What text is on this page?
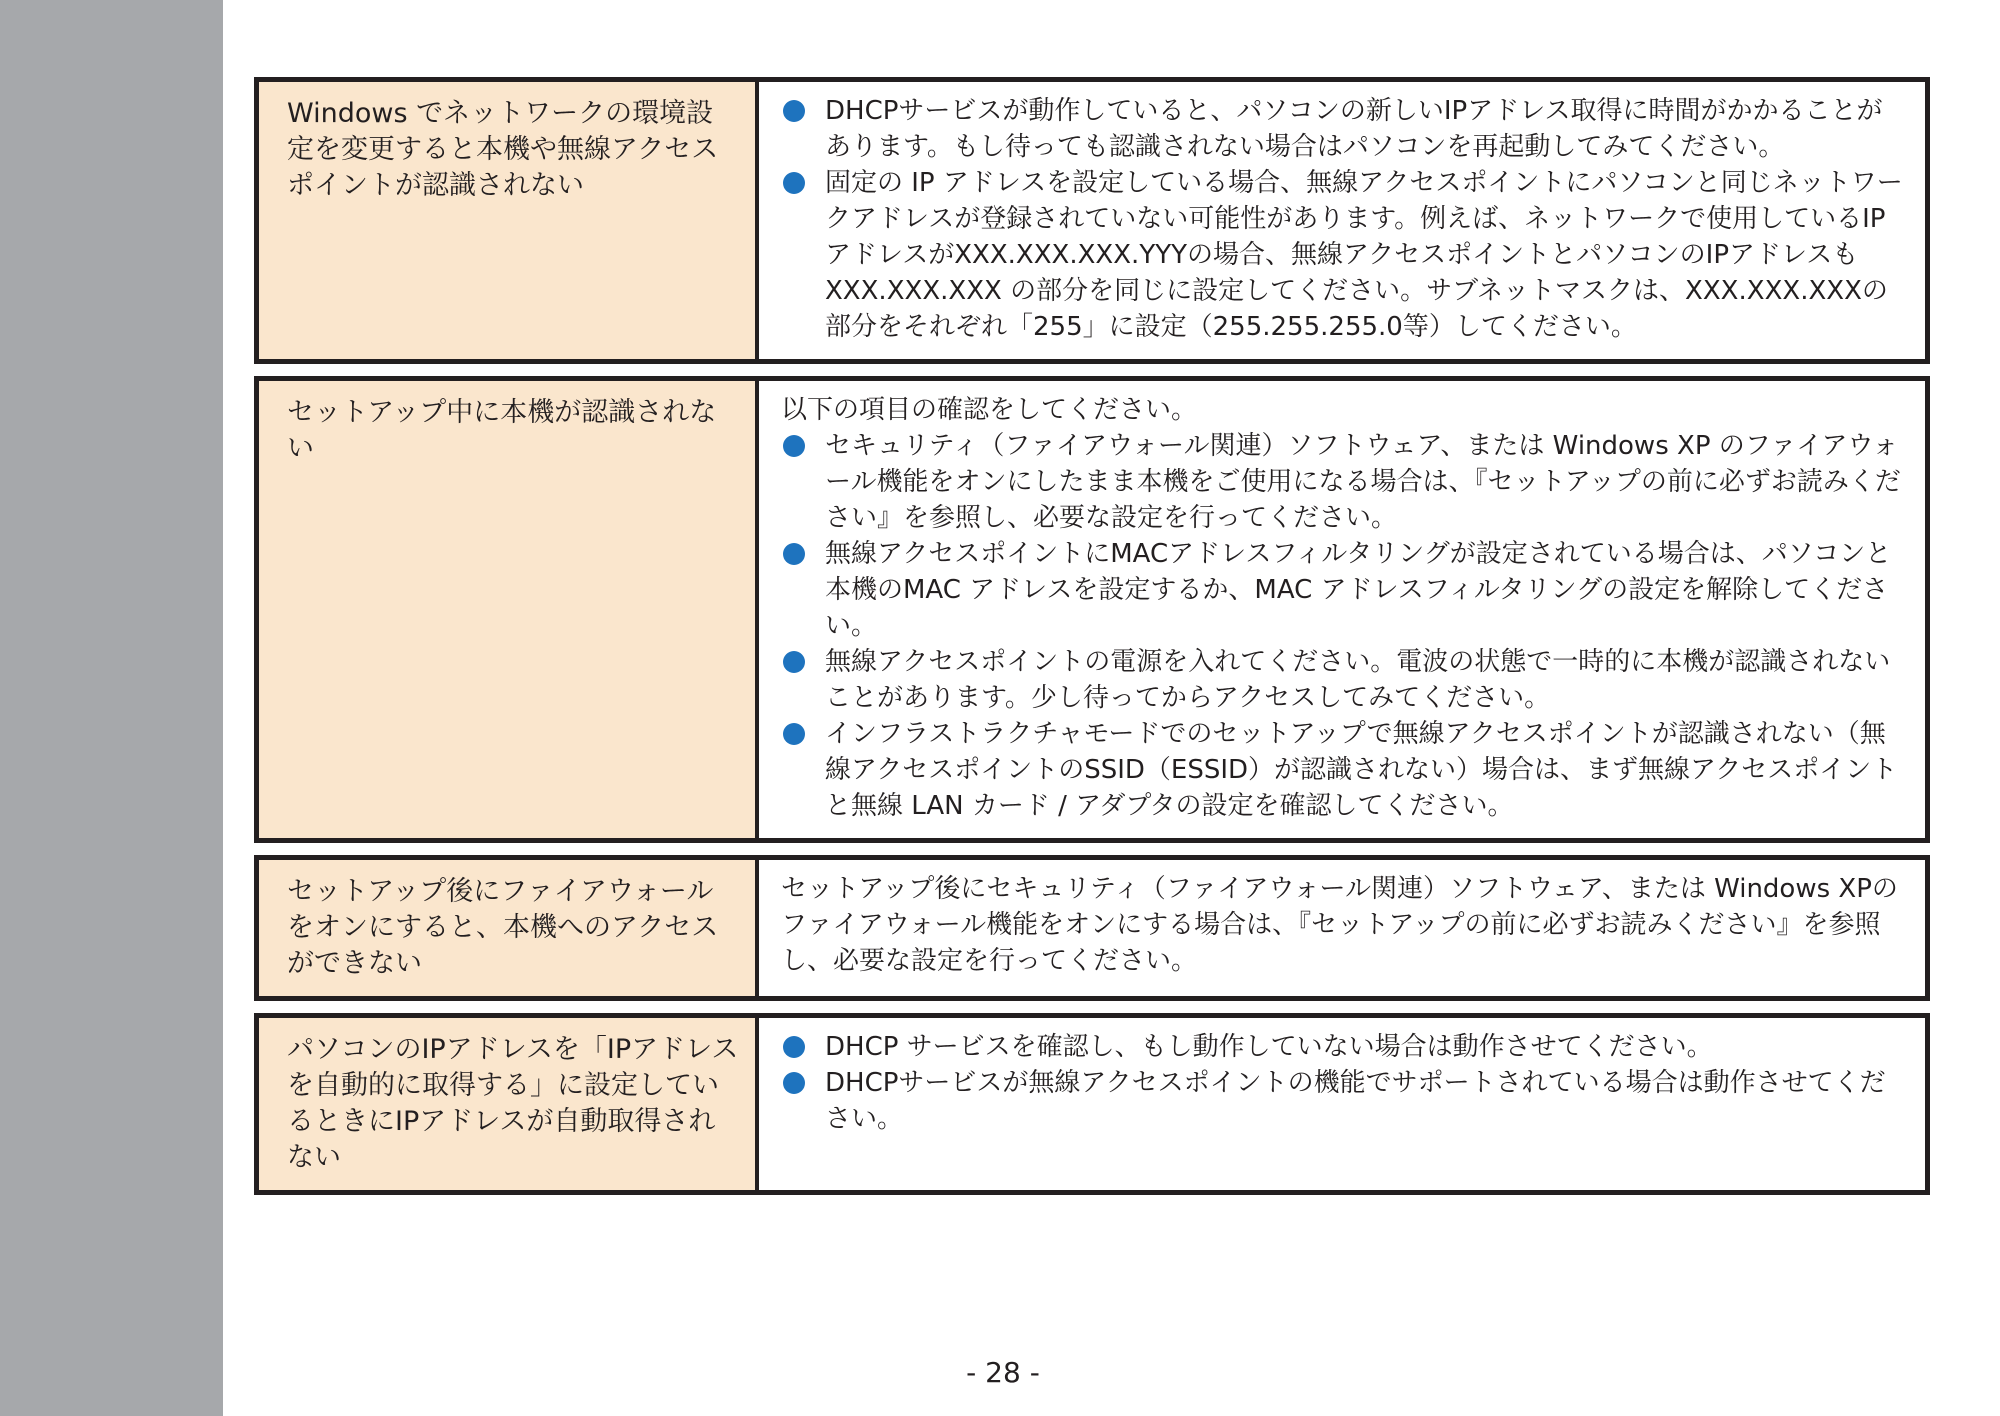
Windows でネットワークの環境設定を変更すると本機や無線アクセスポイントが認識されない
DHCPサービスが動作していると、パソコンの新しいIPアドレス取得に時間がかかることがあります。もし待っても認識されない場合はパソコンを再起動してみてください。
固定の IP アドレスを設定している場合、無線アクセスポイントにパソコンと同じネットワークアドレスが登録されていない可能性があります。例えば、ネットワークで使用しているIPアドレスがXXX.XXX.XXX.YYYの場合、無線アクセスポイントとパソコンのIPアドレスも XXX.XXX.XXX の部分を同じに設定してください。サブネットマスクは、XXX.XXX.XXXの部分をそれぞれ「255」に設定（255.255.255.0等）してください。
セットアップ中に本機が認識されない

以下の項目の確認をしてください。

セキュリティ（ファイアウォール関連）ソフトウェア、または Windows XP のファイアウォール機能をオンにしたまま本機をご使用になる場合は、『セットアップの前に必ずお読みください』を参照し、必要な設定を行ってください。
無線アクセスポイントにMACアドレスフィルタリングが設定されている場合は、パソコンと本機のMAC アドレスを設定するか、MAC アドレスフィルタリングの設定を解除してください。
無線アクセスポイントの電源を入れてください。電波の状態で一時的に本機が認識されないことがあります。少し待ってからアクセスしてみてください。
インフラストラクチャモードでのセットアップで無線アクセスポイントが認識されない（無線アクセスポイントのSSID（ESSID）が認識されない）場合は、まず無線アクセスポイントと無線 LAN カード / アダプタの設定を確認してください。
セットアップ後にファイアウォールをオンにすると、本機へのアクセスができない

セットアップ後にセキュリティ（ファイアウォール関連）ソフトウェア、または Windows XPのファイアウォール機能をオンにする場合は、『セットアップの前に必ずお読みください』を参照し、必要な設定を行ってください。

パソコンのIPアドレスを「IPアドレスを自動的に取得する」に設定しているときにIPアドレスが自動取得されない
DHCP サービスを確認し、もし動作していない場合は動作させてください。
DHCPサービスが無線アクセスポイントの機能でサポートされている場合は動作させてください。
- 28 -
